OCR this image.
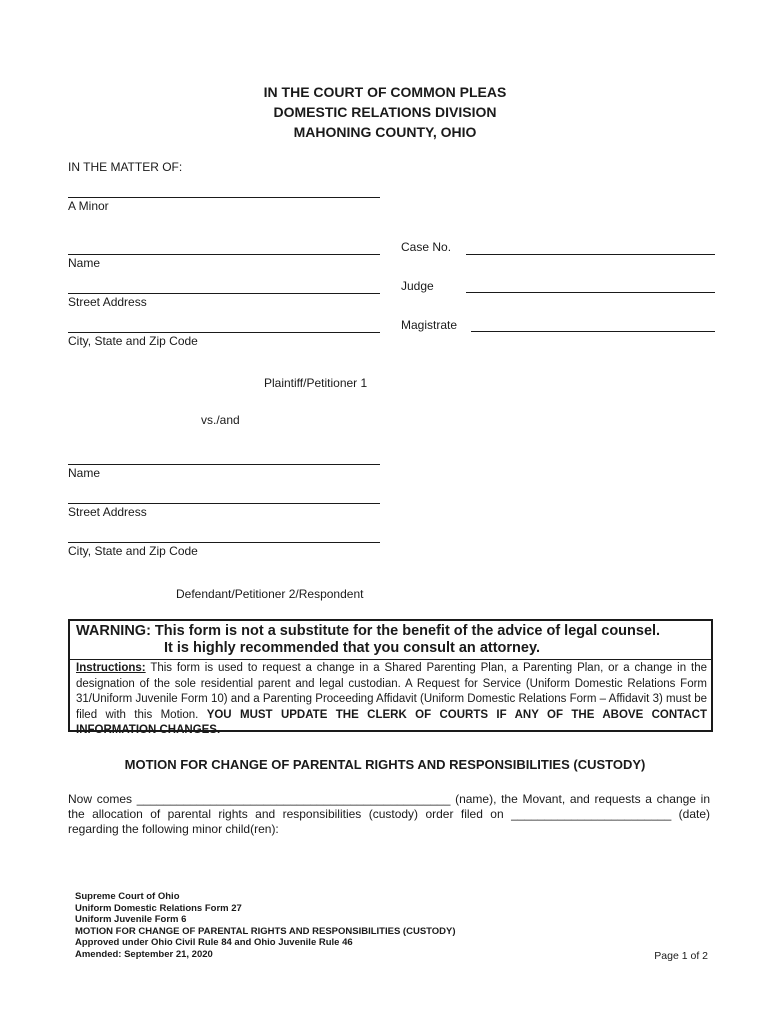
IN THE COURT OF COMMON PLEAS
DOMESTIC RELATIONS DIVISION
MAHONING COUNTY, OHIO
IN THE MATTER OF:
A Minor
Name
Street Address
City, State and Zip Code
Plaintiff/Petitioner 1
Case No.
Judge
Magistrate
vs./and
Name
Street Address
City, State and Zip Code
Defendant/Petitioner 2/Respondent
WARNING: This form is not a substitute for the benefit of the advice of legal counsel.
It is highly recommended that you consult an attorney.
Instructions: This form is used to request a change in a Shared Parenting Plan, a Parenting Plan, or a change in the designation of the sole residential parent and legal custodian. A Request for Service (Uniform Domestic Relations Form 31/Uniform Juvenile Form 10) and a Parenting Proceeding Affidavit (Uniform Domestic Relations Form – Affidavit 3) must be filed with this Motion. YOU MUST UPDATE THE CLERK OF COURTS IF ANY OF THE ABOVE CONTACT INFORMATION CHANGES.
MOTION FOR CHANGE OF PARENTAL RIGHTS AND RESPONSIBILITIES (CUSTODY)
Now comes _______________________________________________ (name), the Movant, and requests a change in the allocation of parental rights and responsibilities (custody) order filed on ________________________ (date) regarding the following minor child(ren):
Supreme Court of Ohio
Uniform Domestic Relations Form 27
Uniform Juvenile Form 6
MOTION FOR CHANGE OF PARENTAL RIGHTS AND RESPONSIBILITIES (CUSTODY)
Approved under Ohio Civil Rule 84 and Ohio Juvenile Rule 46
Amended: September 21, 2020	Page 1 of 2
